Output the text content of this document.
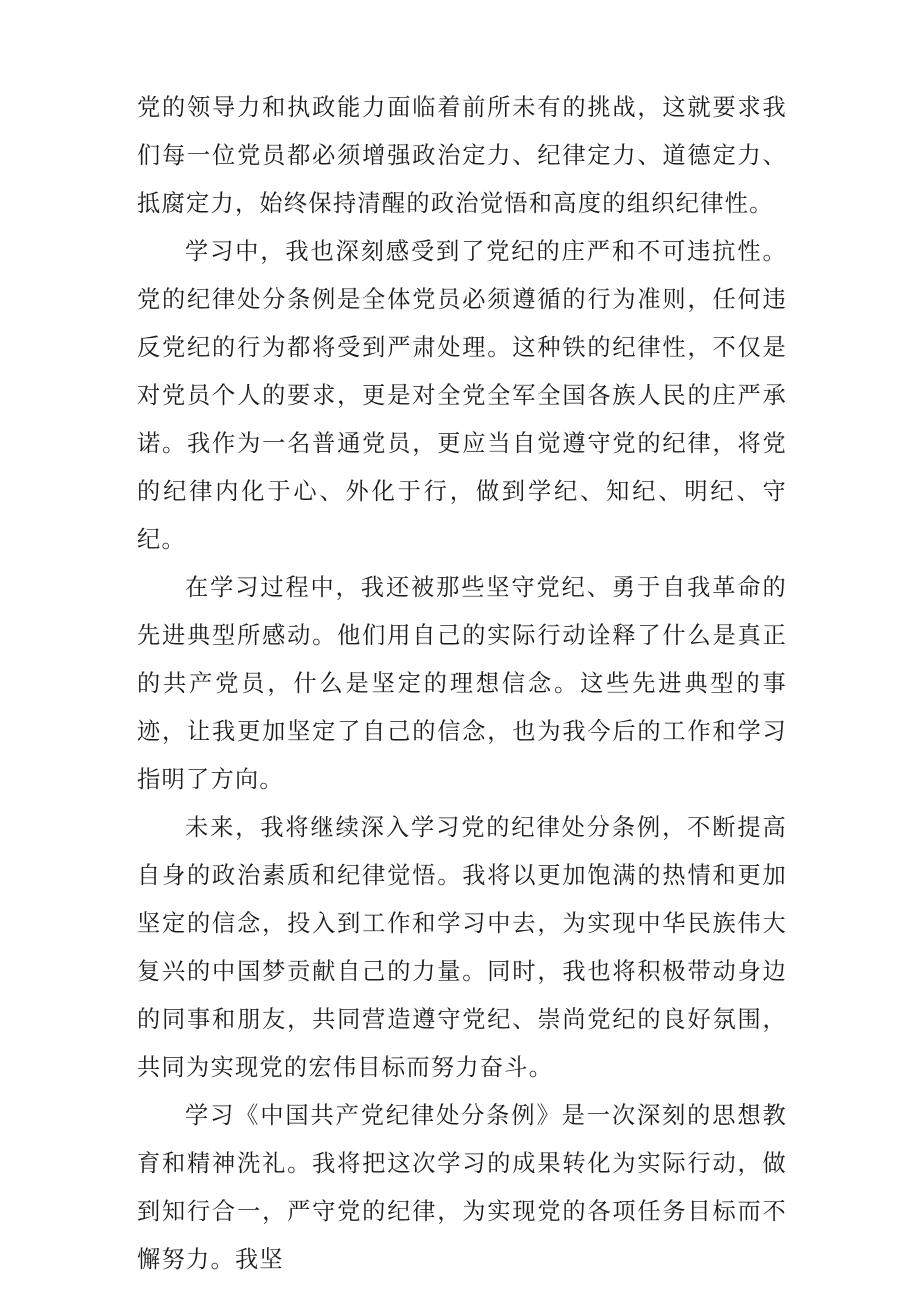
党的领导力和执政能力面临着前所未有的挑战，这就要求我们每一位党员都必须增强政治定力、纪律定力、道德定力、抵腐定力，始终保持清醒的政治觉悟和高度的组织纪律性。

学习中，我也深刻感受到了党纪的庄严和不可违抗性。党的纪律处分条例是全体党员必须遵循的行为准则，任何违反党纪的行为都将受到严肃处理。这种铁的纪律性，不仅是对党员个人的要求，更是对全党全军全国各族人民的庄严承诺。我作为一名普通党员，更应当自觉遵守党的纪律，将党的纪律内化于心、外化于行，做到学纪、知纪、明纪、守纪。

在学习过程中，我还被那些坚守党纪、勇于自我革命的先进典型所感动。他们用自己的实际行动诠释了什么是真正的共产党员，什么是坚定的理想信念。这些先进典型的事迹，让我更加坚定了自己的信念，也为我今后的工作和学习指明了方向。

未来，我将继续深入学习党的纪律处分条例，不断提高自身的政治素质和纪律觉悟。我将以更加饱满的热情和更加坚定的信念，投入到工作和学习中去，为实现中华民族伟大复兴的中国梦贡献自己的力量。同时，我也将积极带动身边的同事和朋友，共同营造遵守党纪、崇尚党纪的良好氛围，共同为实现党的宏伟目标而努力奋斗。

学习《中国共产党纪律处分条例》是一次深刻的思想教育和精神洗礼。我将把这次学习的成果转化为实际行动，做到知行合一，严守党的纪律，为实现党的各项任务目标而不懈努力。我坚
